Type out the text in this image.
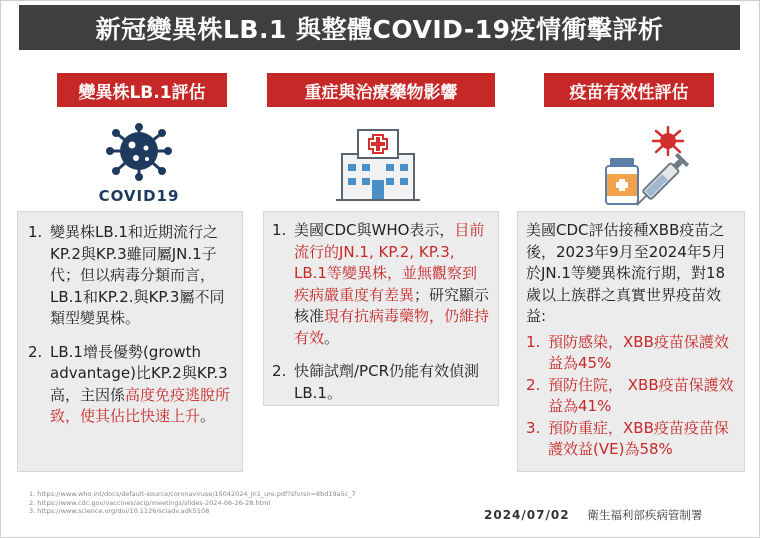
新冠變異株LB.1 與整體COVID-19疫情衝擊評析
變異株LB.1評估
COVID19
1. 變異株LB.1和近期流行之KP.2與KP.3雖同屬JN.1子代；但以病毒分類而言，LB.1和KP.2.與KP.3屬不同類型變異株。
2. LB.1增長優勢(growth advantage)比KP.2與KP.3高，主因係高度免疫逃脫所致，使其佔比快速上升。
重症與治療藥物影響
1. 美國CDC與WHO表示，目前流行的JN.1, KP.2, KP.3, LB.1等變異株，並無觀察到疾病嚴重度有差異；研究顯示核准現有抗病毒藥物，仍維持有效。
2. 快篩試劑/PCR仍能有效偵測LB.1。
疫苗有效性評估
美國CDC評估接種XBB疫苗之後，2023年9月至2024年5月於JN.1等變異株流行期，對18歲以上族群之真實世界疫苗效益:
1. 預防感染，XBB疫苗保護效益為45%
2. 預防住院， XBB疫苗保護效益為41%
3. 預防重症，XBB疫苗疫苗保護效益(VE)為58%
1. https://www.who.int/docs/default-source/coronaviruse/15042024_jn1_ure.pdf?sfvrsn=8bd19a5c_7
2. https://www.cdc.gov/vaccines/acip/meetings/slides-2024-06-26-28.html
3. https://www.science.org/doi/10.1126/sciadv.adk5108	2024/07/02 衛生福利部疾病管制署
